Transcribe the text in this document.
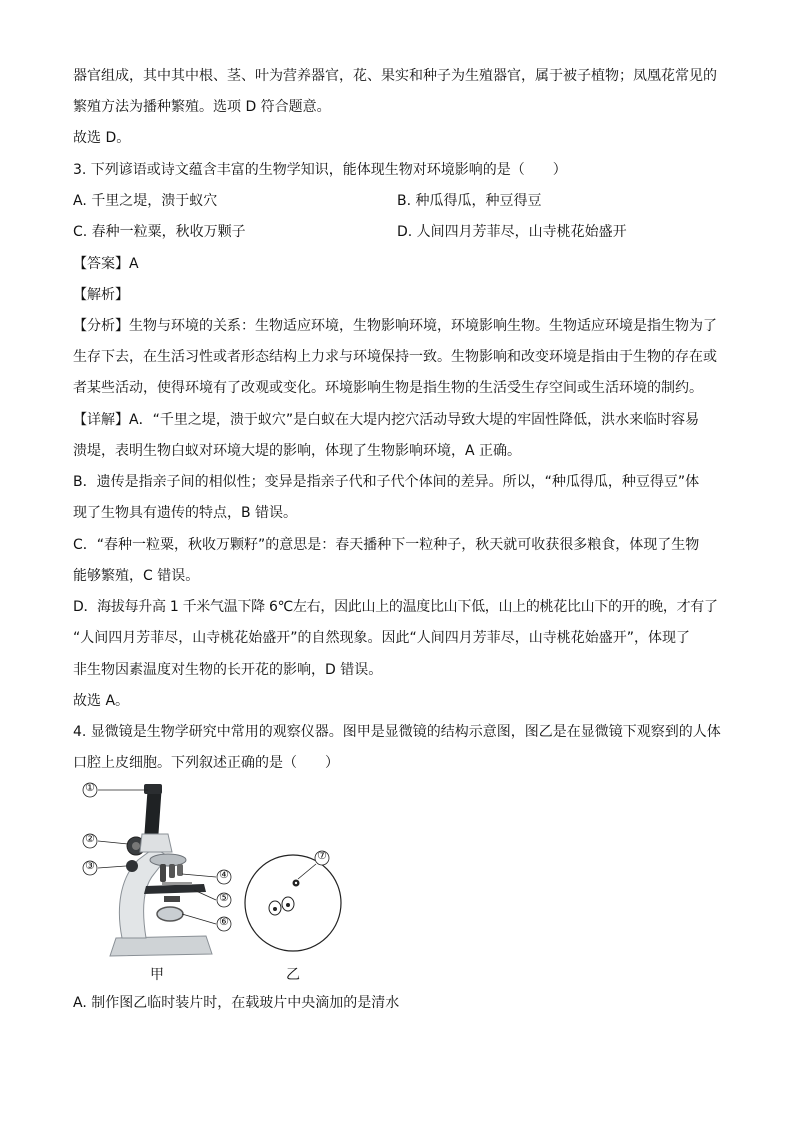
器官组成，其中其中根、茎、叶为营养器官，花、果实和种子为生殖器官，属于被子植物；凤凰花常见的
繁殖方法为播种繁殖。选项 D 符合题意。
故选 D。
3. 下列谚语或诗文蕴含丰富的生物学知识，能体现生物对环境影响的是（　　）
A. 千里之堤，溃于蚁穴	B. 种瓜得瓜，种豆得豆
C. 春种一粒粟，秋收万颗子	D. 人间四月芳菲尽，山寺桃花始盛开
【答案】A
【解析】
【分析】生物与环境的关系：生物适应环境，生物影响环境，环境影响生物。生物适应环境是指生物为了
生存下去，在生活习性或者形态结构上力求与环境保持一致。生物影响和改变环境是指由于生物的存在或
者某些活动，使得环境有了改观或变化。环境影响生物是指生物的生活受生存空间或生活环境的制约。
【详解】A．“千里之堤，溃于蚁穴”是白蚁在大堤内挖穴活动导致大堤的牢固性降低，洪水来临时容易
溃堤，表明生物白蚁对环境大堤的影响，体现了生物影响环境，A 正确。
B．遗传是指亲子间的相似性；变异是指亲子代和子代个体间的差异。所以，“种瓜得瓜，种豆得豆”体
现了生物具有遗传的特点，B 错误。
C．“春种一粒粟，秋收万颗籽”的意思是：春天播种下一粒种子，秋天就可收获很多粮食，体现了生物
能够繁殖，C 错误。
D．海拔每升高 1 千米气温下降 6℃左右，因此山上的温度比山下低，山上的桃花比山下的开的晚，才有了
“人间四月芳菲尽，山寺桃花始盛开”的自然现象。因此“人间四月芳菲尽，山寺桃花始盛开”，体现了
非生物因素温度对生物的长开花的影响，D 错误。
故选 A。
4. 显微镜是生物学研究中常用的观察仪器。图甲是显微镜的结构示意图，图乙是在显微镜下观察到的人体
口腔上皮细胞。下列叙述正确的是（　　）
①
②
③
④
⑤
⑥
⑦
甲	乙
A. 制作图乙临时装片时，在载玻片中央滴加的是清水
